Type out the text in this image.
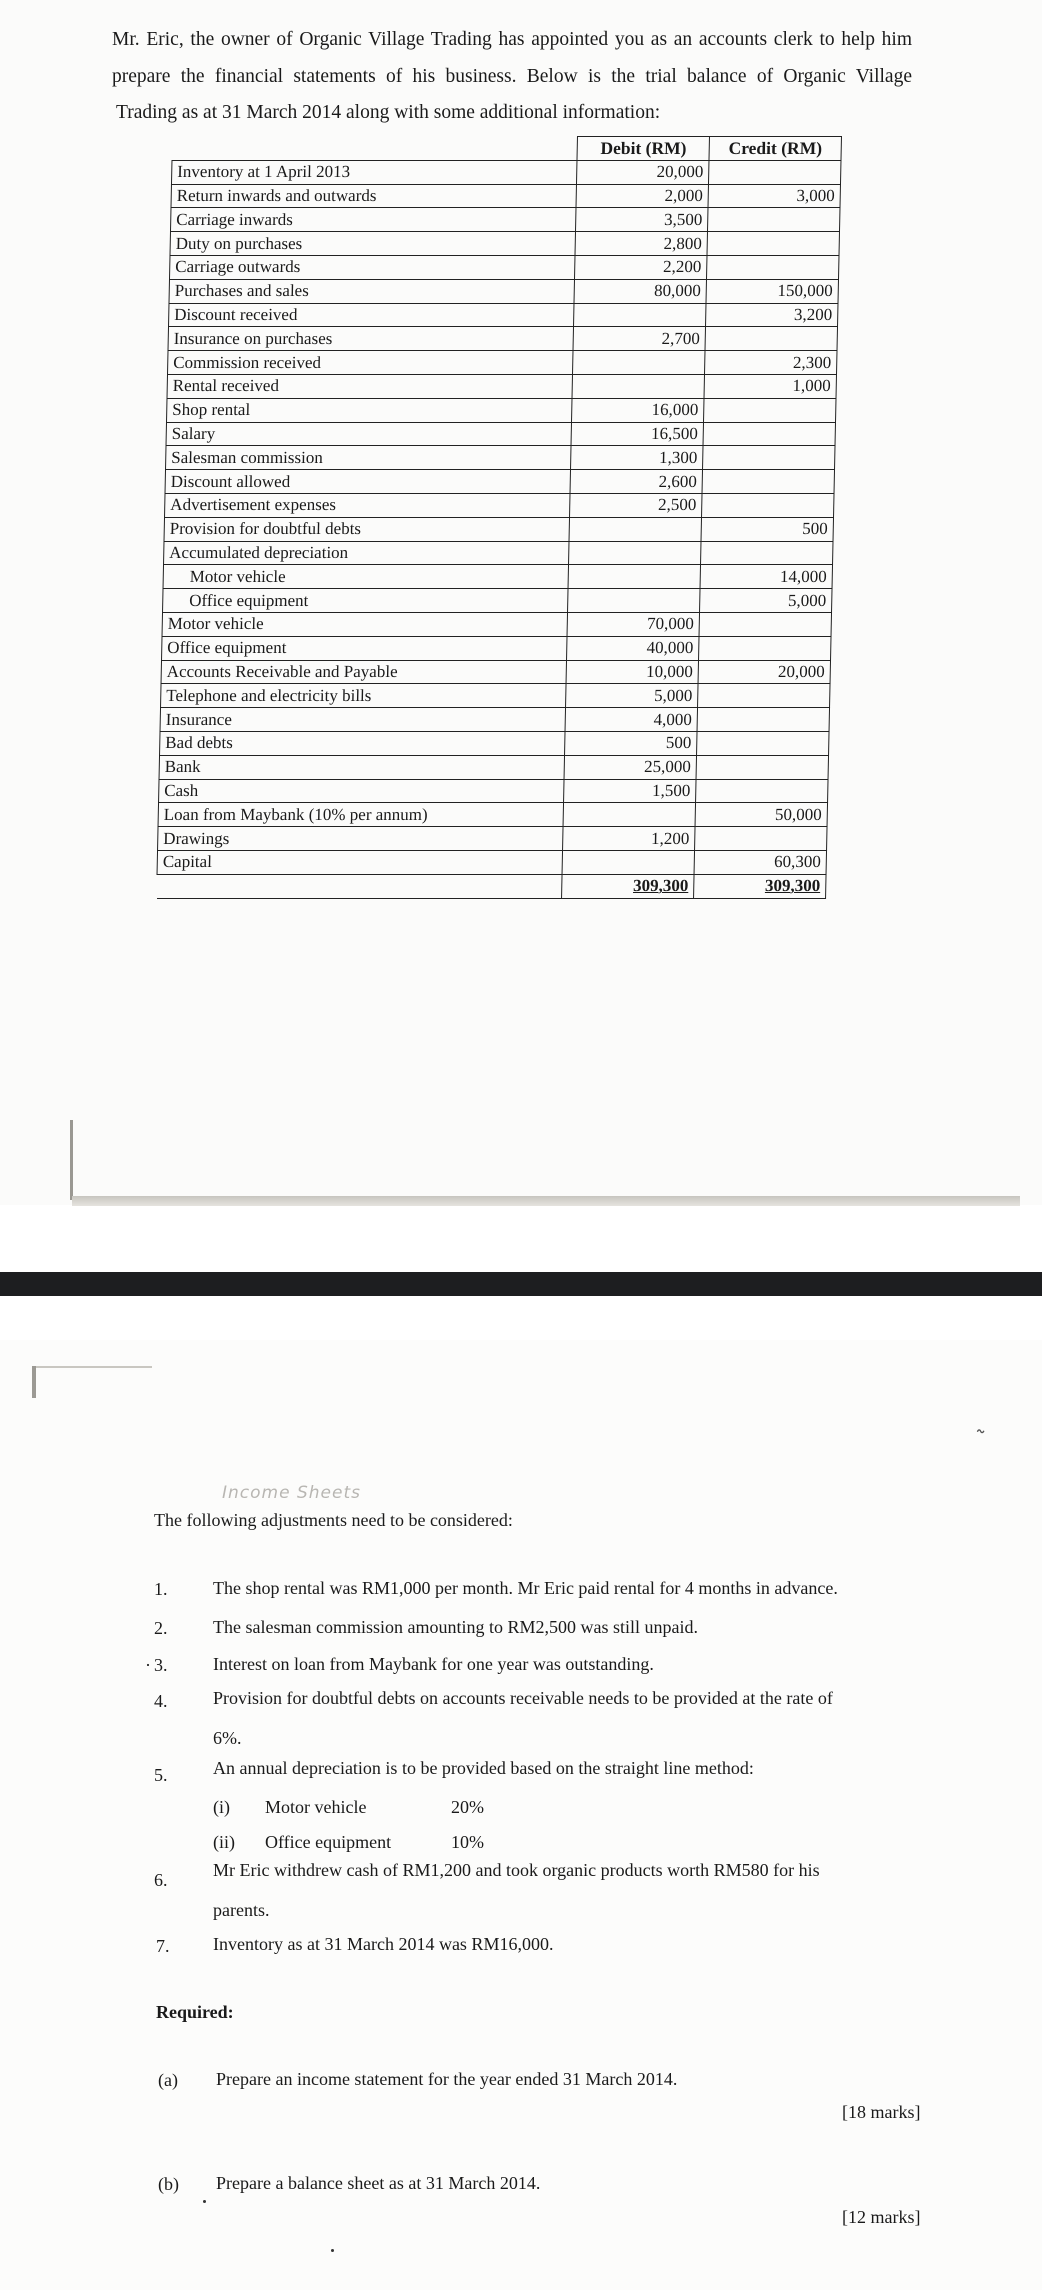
Mr. Eric, the owner of Organic Village Trading has appointed you as an accounts clerk to help him
prepare the financial statements of his business. Below is the trial balance of Organic Village
Trading as at 31 March 2014 along with some additional information:
	Debit (RM)	Credit (RM)
Inventory at 1 April 2013	20,000	
Return inwards and outwards	2,000	3,000
Carriage inwards	3,500	
Duty on purchases	2,800	
Carriage outwards	2,200	
Purchases and sales	80,000	150,000
Discount received		3,200
Insurance on purchases	2,700	
Commission received		2,300
Rental received		1,000
Shop rental	16,000	
Salary	16,500	
Salesman commission	1,300	
Discount allowed	2,600	
Advertisement expenses	2,500	
Provision for doubtful debts		500
Accumulated depreciation		
Motor vehicle		14,000
Office equipment		5,000
Motor vehicle	70,000	
Office equipment	40,000	
Accounts Receivable and Payable	10,000	20,000
Telephone and electricity bills	5,000	
Insurance	4,000	
Bad debts	500	
Bank	25,000	
Cash	1,500	
Loan from Maybank (10% per annum)		50,000
Drawings	1,200	
Capital		60,300
	309,300	309,300
˷
Income Sheets
The following adjustments need to be considered:
1.	The shop rental was RM1,000 per month. Mr Eric paid rental for 4 months in advance.
2.	The salesman commission amounting to RM2,500 was still unpaid.
· 3.	Interest on loan from Maybank for one year was outstanding.
4.	Provision for doubtful debts on accounts receivable needs to be provided at the rate of
6%.
5.	An annual depreciation is to be provided based on the straight line method:
(i) Motor vehicle	20%
(ii) Office equipment	10%
6.	Mr Eric withdrew cash of RM1,200 and took organic products worth RM580 for his
parents.
7. Inventory as at 31 March 2014 was RM16,000.
Required:
(a) Prepare an income statement for the year ended 31 March 2014.
[18 marks]
(b) Prepare a balance sheet as at 31 March 2014.
[12 marks]
